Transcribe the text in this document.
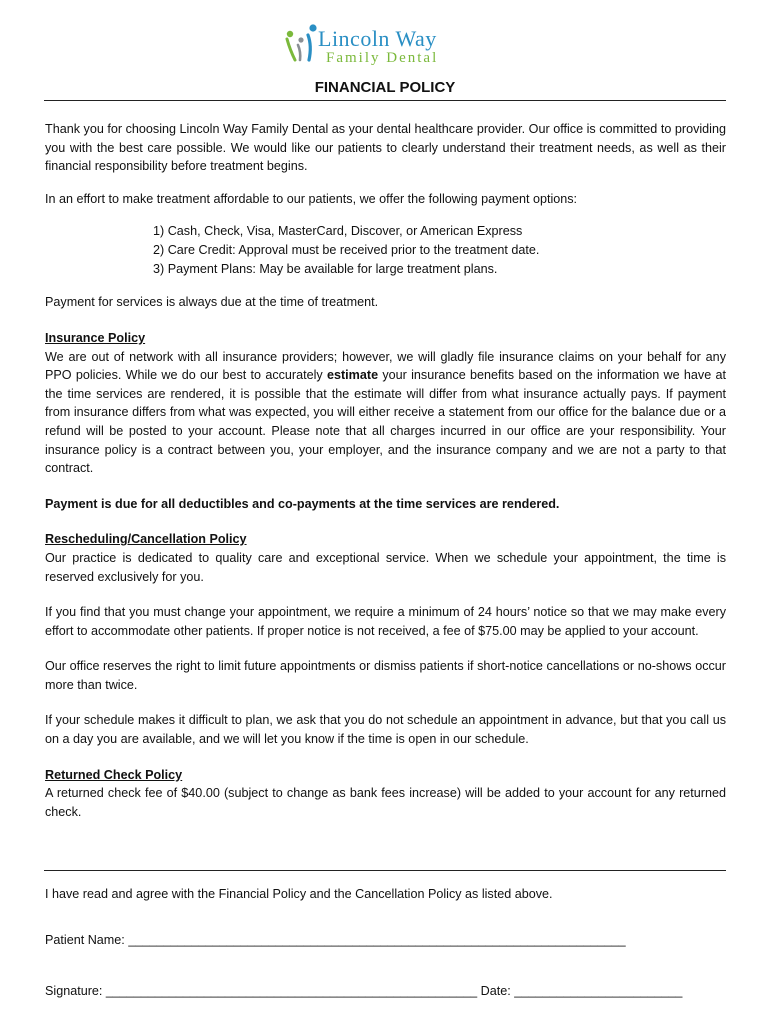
Lincoln Way
Family Dental
FINANCIAL POLICY

Thank you for choosing Lincoln Way Family Dental as your dental healthcare provider. Our office is committed to providing you with the best care possible. We would like our patients to clearly understand their treatment needs, as well as their financial responsibility before treatment begins.

In an effort to make treatment affordable to our patients, we offer the following payment options:

1) Cash, Check, Visa, MasterCard, Discover, or American Express
2) Care Credit: Approval must be received prior to the treatment date.
3) Payment Plans: May be available for large treatment plans.

Payment for services is always due at the time of treatment.

Insurance Policy

We are out of network with all insurance providers; however, we will gladly file insurance claims on your behalf for any PPO policies. While we do our best to accurately estimate your insurance benefits based on the information we have at the time services are rendered, it is possible that the estimate will differ from what insurance actually pays. If payment from insurance differs from what was expected, you will either receive a statement from our office for the balance due or a refund will be posted to your account. Please note that all charges incurred in our office are your responsibility. Your insurance policy is a contract between you, your employer, and the insurance company and we are not a party to that contract.

Payment is due for all deductibles and co-payments at the time services are rendered.

Rescheduling/Cancellation Policy

Our practice is dedicated to quality care and exceptional service. When we schedule your appointment, the time is reserved exclusively for you.

If you find that you must change your appointment, we require a minimum of 24 hours’ notice so that we may make every effort to accommodate other patients. If proper notice is not received, a fee of $75.00 may be applied to your account.

Our office reserves the right to limit future appointments or dismiss patients if short-notice cancellations or no-shows occur more than twice.

If your schedule makes it difficult to plan, we ask that you do not schedule an appointment in advance, but that you call us on a day you are available, and we will let you know if the time is open in our schedule.

Returned Check Policy

A returned check fee of $40.00 (subject to change as bank fees increase) will be added to your account for any returned check.

I have read and agree with the Financial Policy and the Cancellation Policy as listed above.
Patient Name: _______________________________________________________________________
Signature: _____________________________________________________ Date: ________________________
